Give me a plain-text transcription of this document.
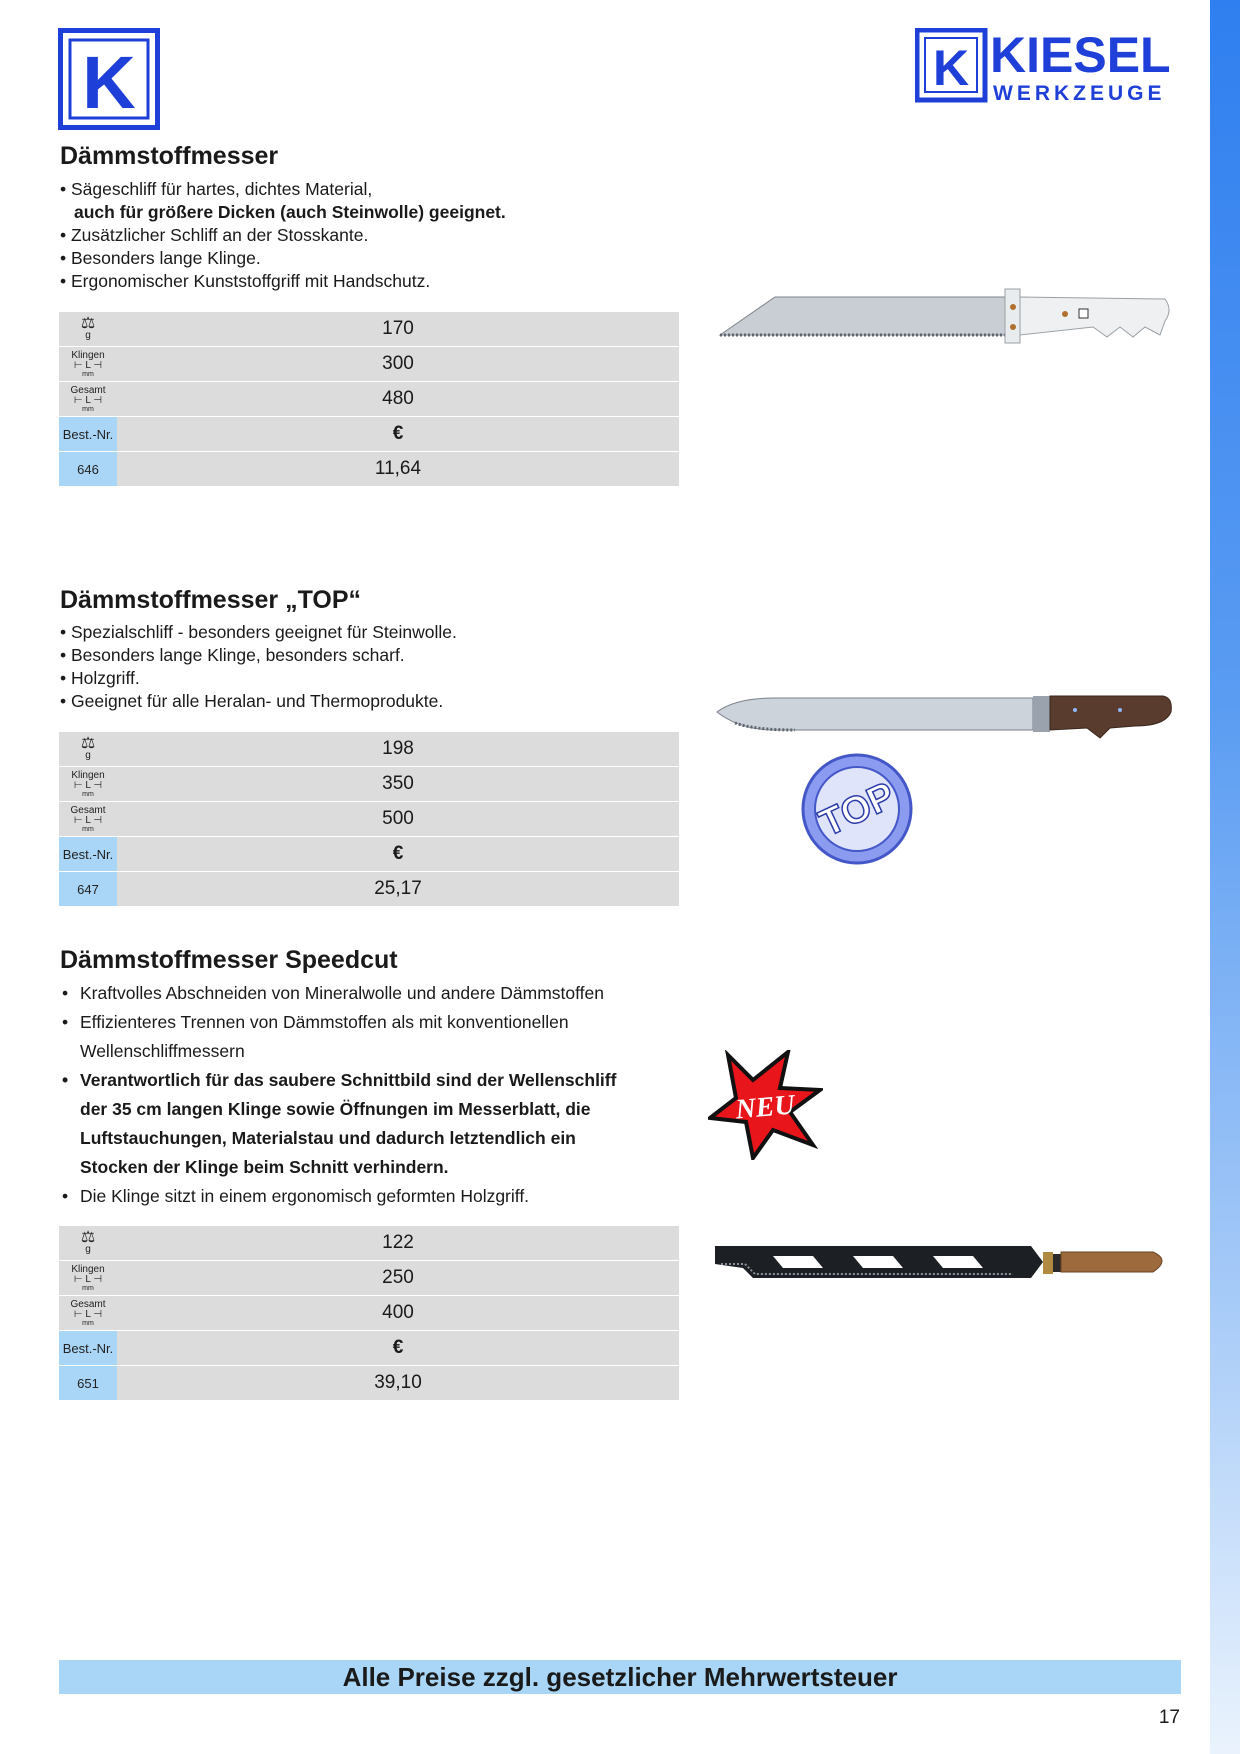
K	K KIESEL
WERKZEUGE
Dämmstoffmesser
• Sägeschliff für hartes, dichtes Material,
auch für größere Dicken (auch Steinwolle) geeignet.
• Zusätzlicher Schliff an der Stosskante.
• Besonders lange Klinge.
• Ergonomischer Kunststoffgriff mit Handschutz.
⚖
g	170

Klingen
⊢ L ⊣
mm	300

Gesamt
⊢ L ⊣
mm	480
Best.-Nr.	€
646	11,64
Dämmstoffmesser „TOP“
• Spezialschliff - besonders geeignet für Steinwolle.
• Besonders lange Klinge, besonders scharf.
• Holzgriff.
• Geeignet für alle Heralan- und Thermoprodukte.
⚖
g	198

Klingen
⊢ L ⊣
mm	350

Gesamt
⊢ L ⊣
mm	500
Best.-Nr.	€
647	25,17
TOP
Dämmstoffmesser Speedcut
• Kraftvolles Abschneiden von Mineralwolle und andere Dämmstoffen
• Effizienteres Trennen von Dämmstoffen als mit konventionellen
Wellenschliffmessern
• Verantwortlich für das saubere Schnittbild sind der Wellenschliff
der 35 cm langen Klinge sowie Öffnungen im Messerblatt, die
Luftstauchungen, Materialstau und dadurch letztendlich ein
Stocken der Klinge beim Schnitt verhindern.
• Die Klinge sitzt in einem ergonomisch geformten Holzgriff.
⚖
g	122

Klingen
⊢ L ⊣
mm	250

Gesamt
⊢ L ⊣
mm	400
Best.-Nr.	€
651	39,10
NEU
Alle Preise zzgl. gesetzlicher Mehrwertsteuer
17
